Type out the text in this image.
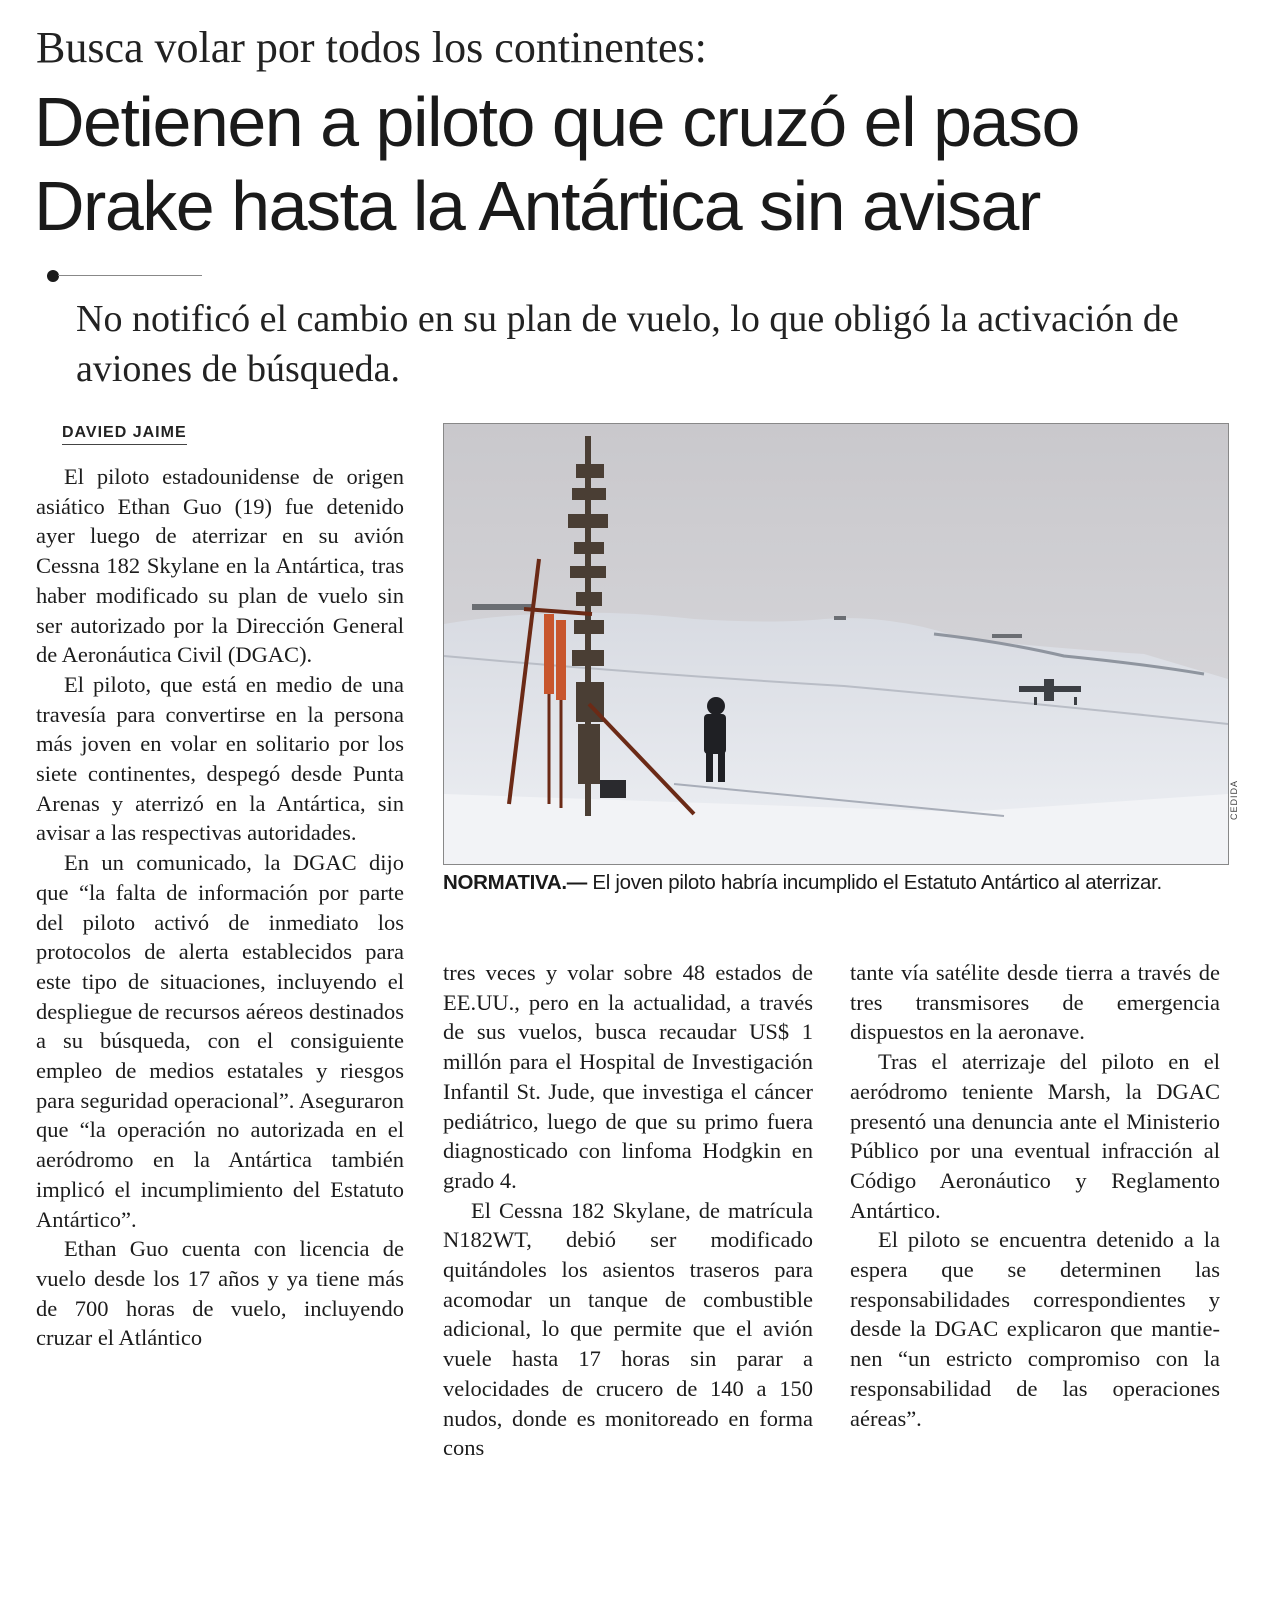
Busca volar por todos los continentes:
Detienen a piloto que cruzó el paso
Drake hasta la Antártica sin avisar
No notificó el cambio en su plan de vuelo, lo que obligó la activación de aviones de búsqueda.
DAVIED JAIME

El piloto estadounidense de origen asiático Ethan Guo (19) fue detenido ayer luego de aterrizar en su avión Cessna 182 Skylane en la Antártica, tras haber modificado su plan de vuelo sin ser autorizado por la Dirección General de Aeronáutica Civil (DGAC).

El piloto, que está en medio de una travesía para convertirse en la persona más joven en volar en solitario por los siete continentes, despegó desde Punta Arenas y aterrizó en la Antártica, sin avisar a las respectivas autoridades.

En un comunicado, la DGAC dijo que “la falta de información por parte del piloto activó de inmediato los protocolos de alerta establecidos para este tipo de situaciones, incluyendo el despliegue de recursos aéreos destinados a su búsqueda, con el consiguiente empleo de medios estatales y riesgos para seguridad operacional”. Aseguraron que “la operación no autorizada en el aeródromo en la Antártica también implicó el incumplimiento del Estatuto Antártico”.

Ethan Guo cuenta con licencia de vuelo desde los 17 años y ya tiene más de 700 horas de vuelo, incluyendo cruzar el Atlántico

CEDIDA
NORMATIVA.— El joven piloto habría incumplido el Estatuto Antártico al aterrizar.

tres veces y volar sobre 48 estados de EE.UU., pero en la actualidad, a través de sus vuelos, busca recaudar US$ 1 millón para el Hospital de Investigación Infantil St. Jude, que investiga el cáncer pediátrico, luego de que su primo fuera diagnosticado con linfoma Hodgkin en grado 4.

El Cessna 182 Skylane, de matrícula N182WT, debió ser modificado quitándoles los asientos traseros para acomodar un tanque de combustible adicional, lo que permite que el avión vuele hasta 17 horas sin parar a velocidades de crucero de 140 a 150 nudos, donde es monitoreado en forma cons

tante vía satélite desde tierra a través de tres transmisores de emergencia dispuestos en la aeronave.

Tras el aterrizaje del piloto en el aeródromo teniente Marsh, la DGAC presentó una denuncia ante el Ministerio Público por una eventual infracción al Código Aeronáutico y Reglamento Antártico.

El piloto se encuentra detenido a la espera que se determinen las responsabilidades correspondientes y desde la DGAC explicaron que mantienen “un estricto compromiso con la responsabilidad de las operaciones aéreas”.
